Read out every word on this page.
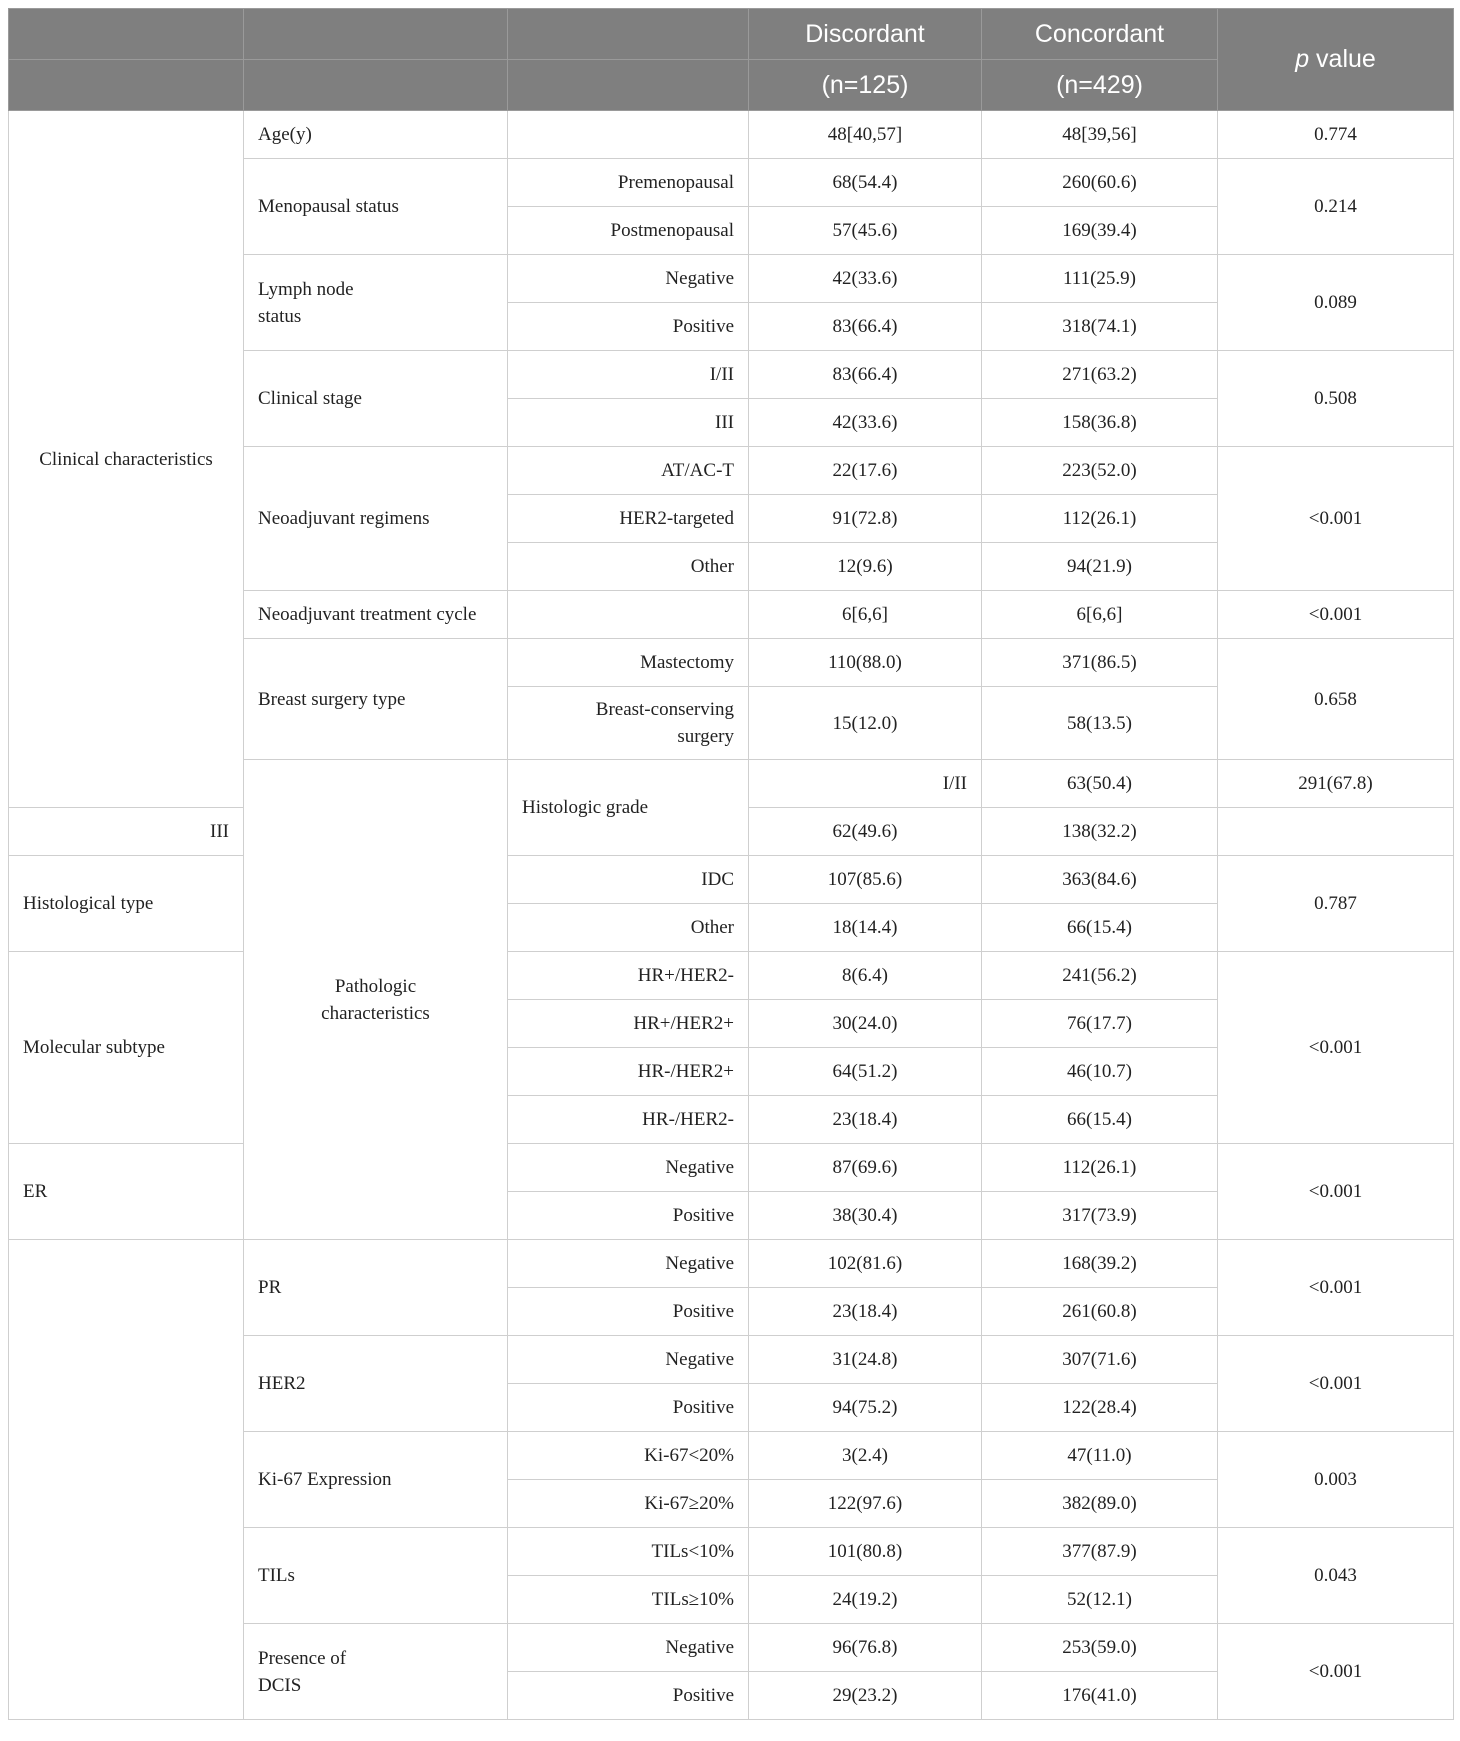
			Discordant	Concordant	p value	
			(n=125)	(n=429)		
Clinical characteristics	Age(y)		48[40,57]	48[39,56]	0.774	
	Menopausal status	Premenopausal	68(54.4)	260(60.6)	0.214	
		Postmenopausal	57(45.6)	169(39.4)		
	Lymph node status	Negative	42(33.6)	111(25.9)	0.089	
		Positive	83(66.4)	318(74.1)		
	Clinical stage	I/II	83(66.4)	271(63.2)	0.508	
		III	42(33.6)	158(36.8)		
	Neoadjuvant regimens	AT/AC-T	22(17.6)	223(52.0)	<0.001	
		HER2-targeted	91(72.8)	112(26.1)		
		Other	12(9.6)	94(21.9)		
	Neoadjuvant treatment cycle		6[6,6]	6[6,6]	<0.001	
	Breast surgery type	Mastectomy	110(88.0)	371(86.5)	0.658	
		Breast-conserving surgery	15(12.0)	58(13.5)		
	Pathologic characteristics	Histologic grade	I/II	63(50.4)	291(67.8)	
III			62(49.6)	138(32.2)		
Histological type		IDC	107(85.6)	363(84.6)	0.787	
		Other	18(14.4)	66(15.4)		
Molecular subtype		HR+/HER2-	8(6.4)	241(56.2)	<0.001	
		HR+/HER2+	30(24.0)	76(17.7)		
		HR-/HER2+	64(51.2)	46(10.7)		
		HR-/HER2-	23(18.4)	66(15.4)		
ER		Negative	87(69.6)	112(26.1)	<0.001	
		Positive	38(30.4)	317(73.9)		
	PR	Negative	102(81.6)	168(39.2)	<0.001	
		Positive	23(18.4)	261(60.8)		
	HER2	Negative	31(24.8)	307(71.6)	<0.001	
		Positive	94(75.2)	122(28.4)		
	Ki-67 Expression	Ki-67<20%	3(2.4)	47(11.0)	0.003	
		Ki-67≥20%	122(97.6)	382(89.0)		
	TILs	TILs<10%	101(80.8)	377(87.9)	0.043	
		TILs≥10%	24(19.2)	52(12.1)		
	Presence of DCIS	Negative	96(76.8)	253(59.0)	<0.001	
		Positive	29(23.2)	176(41.0)		
